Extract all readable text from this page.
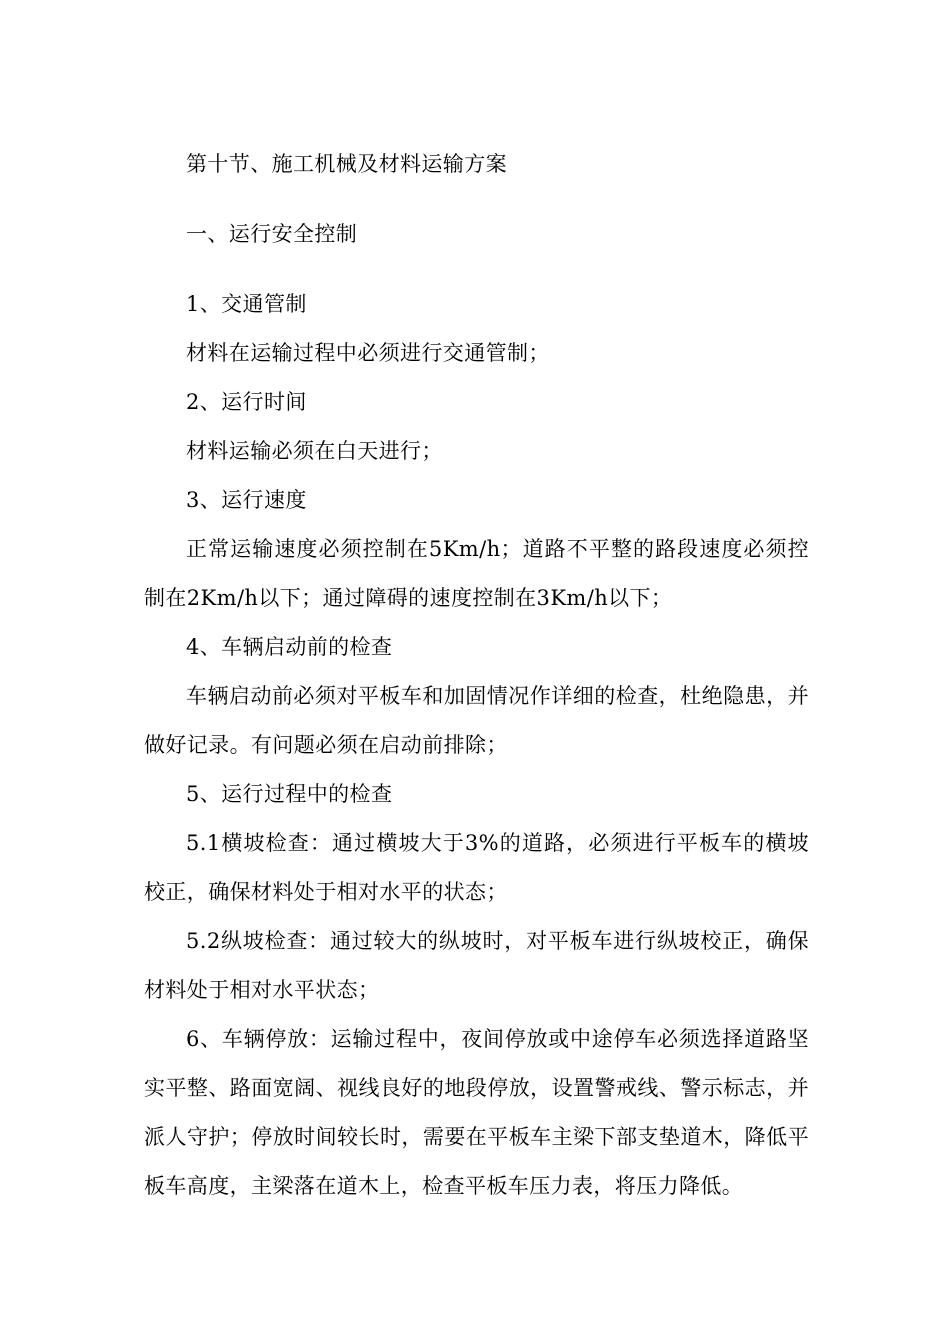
第十节、施工机械及材料运输方案

一、运行安全控制

1、交通管制

材料在运输过程中必须进行交通管制；

2、运行时间

材料运输必须在白天进行；

3、运行速度

正常运输速度必须控制在5Km/h；道路不平整的路段速度必须控制在2Km/h以下；通过障碍的速度控制在3Km/h以下；

4、车辆启动前的检查

车辆启动前必须对平板车和加固情况作详细的检查，杜绝隐患，并做好记录。有问题必须在启动前排除；

5、运行过程中的检查

5.1横坡检查：通过横坡大于3%的道路，必须进行平板车的横坡校正，确保材料处于相对水平的状态；

5.2纵坡检查：通过较大的纵坡时，对平板车进行纵坡校正，确保材料处于相对水平状态；

6、车辆停放：运输过程中，夜间停放或中途停车必须选择道路坚实平整、路面宽阔、视线良好的地段停放，设置警戒线、警示标志，并派人守护；停放时间较长时，需要在平板车主梁下部支垫道木，降低平板车高度，主梁落在道木上，检查平板车压力表，将压力降低。
